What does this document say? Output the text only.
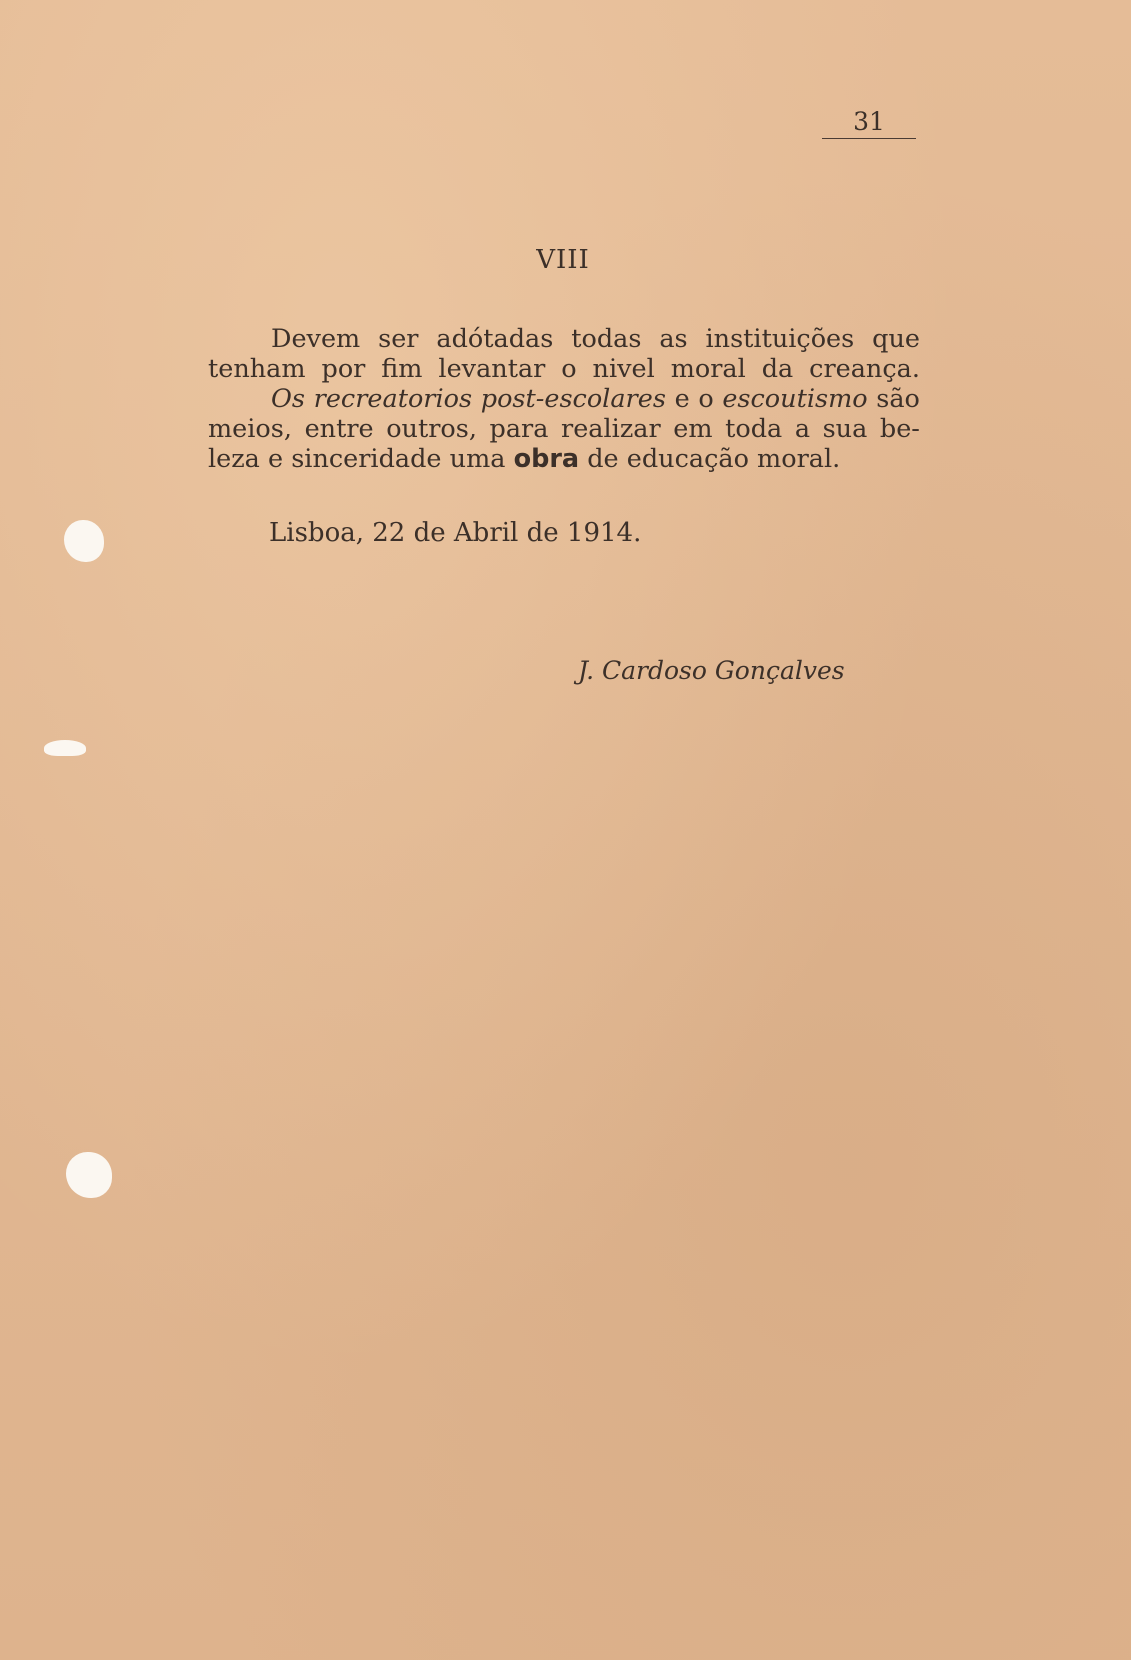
31
VIII
Devem ser adótadas todas as instituições que
tenham por fim levantar o nivel moral da creança.
Os recreatorios post-escolares e o escoutismo são
meios, entre outros, para realizar em toda a sua be-
leza e sinceridade uma obra de educação moral.
Lisboa, 22 de Abril de 1914.
J. Cardoso Gonçalves
